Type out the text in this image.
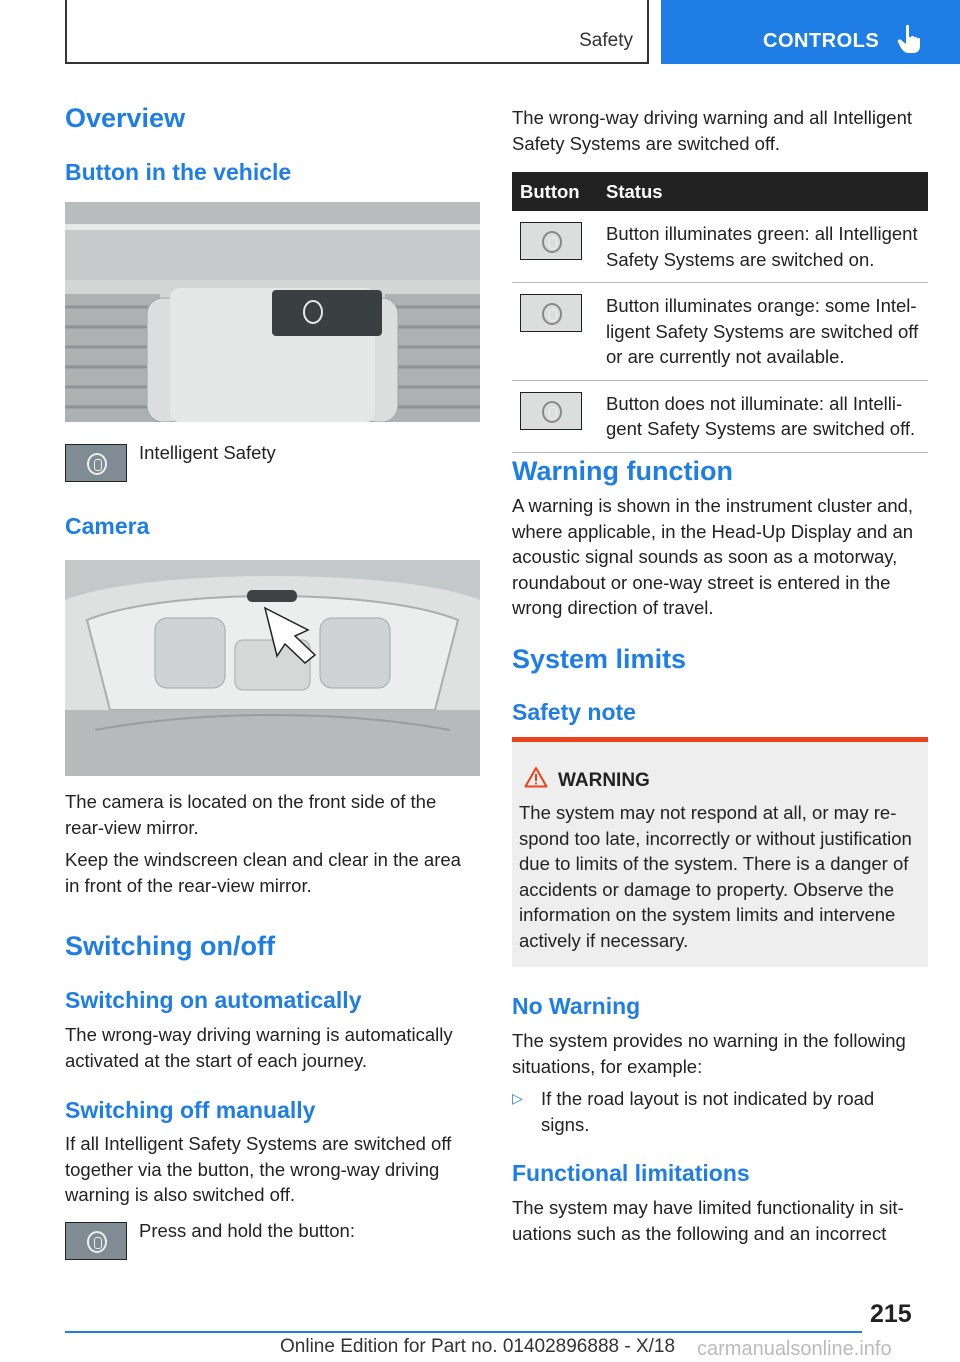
Safety	CONTROLS
Overview
Button in the vehicle
Intelligent Safety
Camera
The camera is located on the front side of the rear-view mirror.
Keep the windscreen clean and clear in the area in front of the rear-view mirror.
Switching on/off
Switching on automatically
The wrong-way driving warning is automatically activated at the start of each journey.
Switching off manually
If all Intelligent Safety Systems are switched off together via the button, the wrong-way driving warning is also switched off.
Press and hold the button:
The wrong-way driving warning and all Intelligent Safety Systems are switched off.
Button	Status

	Button illuminates green: all Intelligent Safety Systems are switched on.

	Button illuminates orange: some Intelligent Safety Systems are switched off or are currently not available.

	Button does not illuminate: all Intelligent Safety Systems are switched off.
Warning function
A warning is shown in the instrument cluster and, where applicable, in the Head-Up Display and an acoustic signal sounds as soon as a motorway, roundabout or one-way street is entered in the wrong direction of travel.
System limits
Safety note
WARNING
The system may not respond at all, or may respond too late, incorrectly or without justification due to limits of the system. There is a danger of accidents or damage to property. Observe the information on the system limits and intervene actively if necessary.
No Warning
The system provides no warning in the following situations, for example:
▷ If the road layout is not indicated by road signs.
Functional limitations
The system may have limited functionality in situations such as the following and an incorrect
215
Online Edition for Part no. 01402896888 - X/18 carmanualsonline.info
